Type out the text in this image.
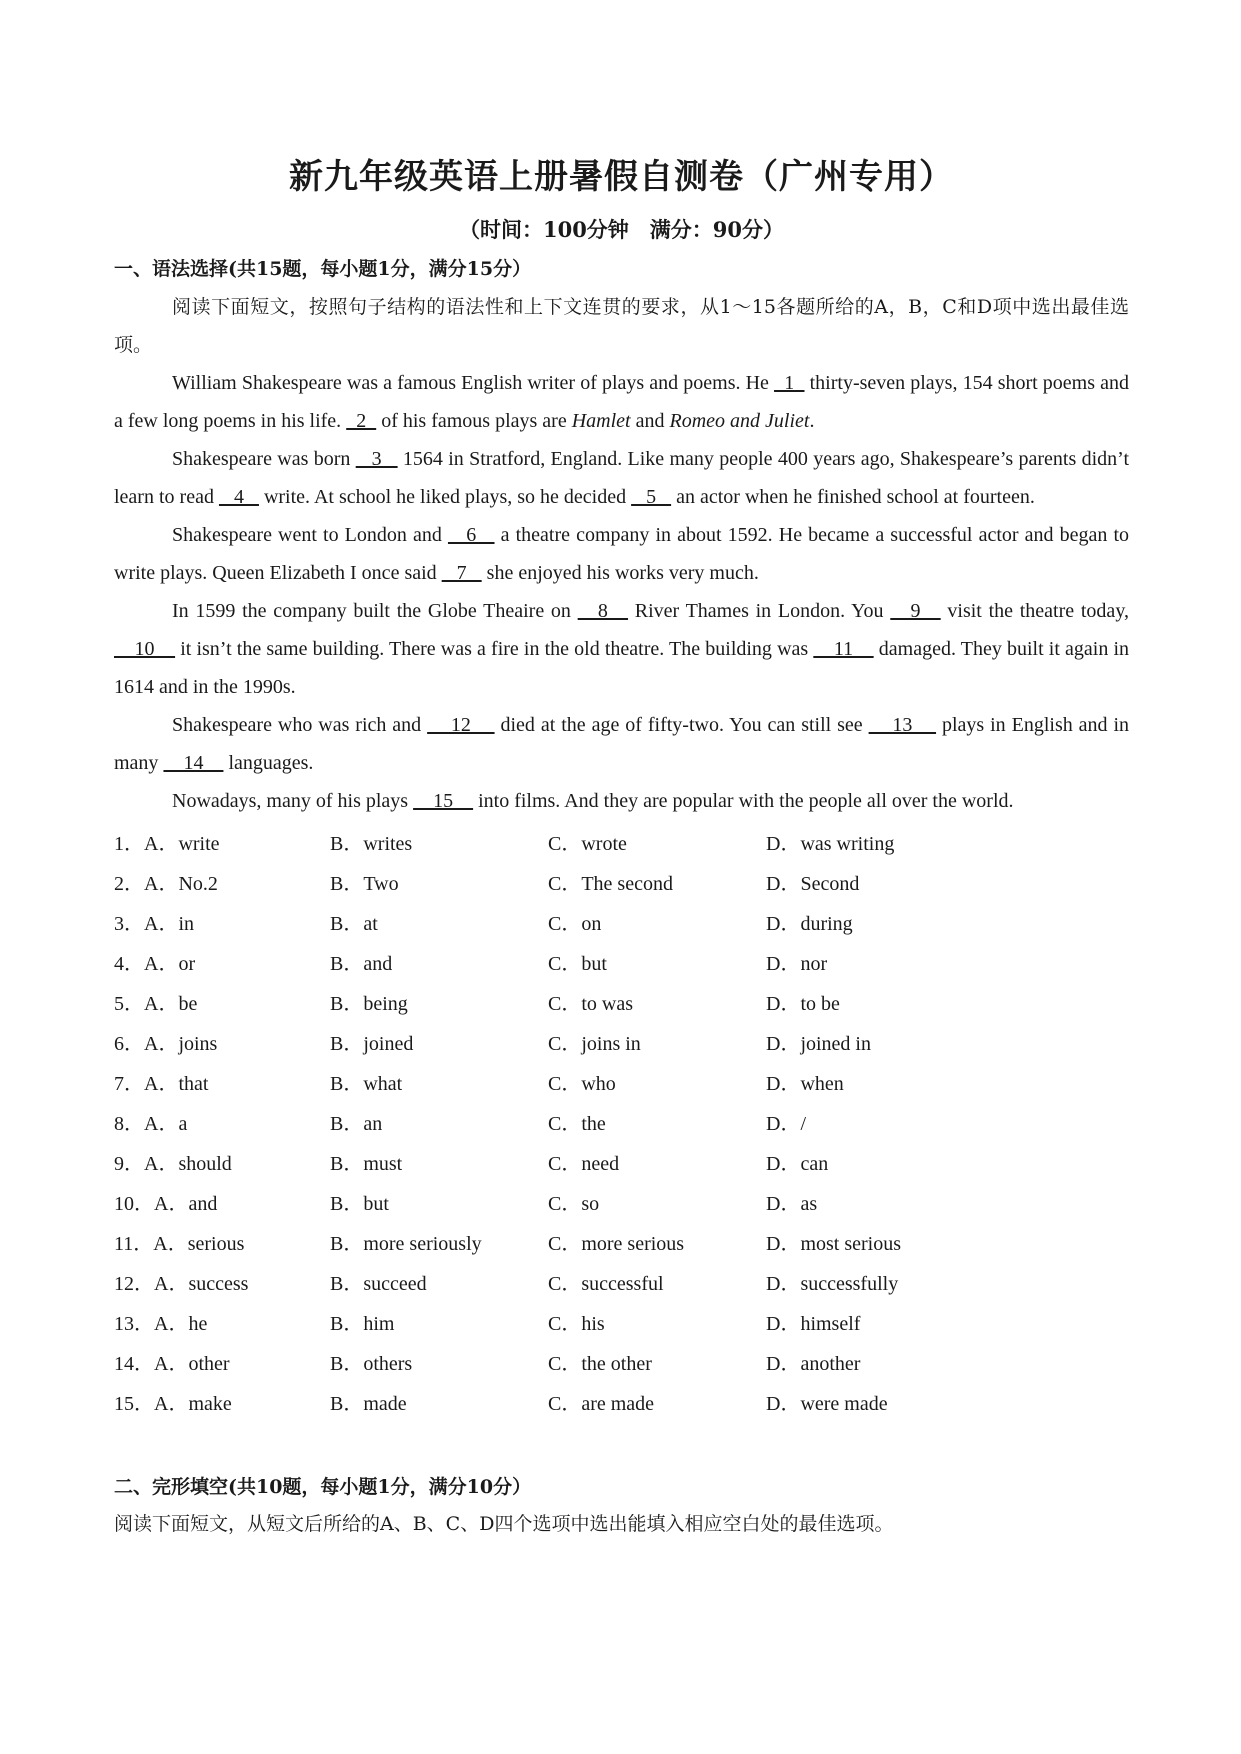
新九年级英语上册暑假自测卷（广州专用）
（时间：100分钟　满分：90分）
一、语法选择(共15题，每小题1分，满分15分）

阅读下面短文，按照句子结构的语法性和上下文连贯的要求，从1～15各题所给的A，B，C和D项中选出最佳选项。

William Shakespeare was a famous English writer of plays and poems. He   1   thirty-seven plays, 154 short poems and a few long poems in his life.   2   of his famous plays are Hamlet and Romeo and Juliet.

Shakespeare was born    3    1564 in Stratford, England. Like many people 400 years ago, Shakespeare’s parents didn’t learn to read    4    write. At school he liked plays, so he decided    5    an actor when he finished school at fourteen.

Shakespeare went to London and    6    a theatre company in about 1592. He became a successful actor and began to write plays. Queen Elizabeth I once said    7    she enjoyed his works very much.

In 1599 the company built the Globe Theaire on    8    River Thames in London. You    9    visit the theatre today,     10     it isn’t the same building. There was a fire in the old theatre. The building was     11     damaged. They built it again in 1614 and in the 1990s.

Shakespeare who was rich and     12     died at the age of fifty-two. You can still see     13     plays in English and in many     14     languages.

Nowadays, many of his plays     15     into films. And they are popular with the people all over the world.

1．A．write	B．writes	C．wrote	D．was writing
2．A．No.2	B．Two	C．The second	D．Second
3．A．in	B．at	C．on	D．during
4．A．or	B．and	C．but	D．nor
5．A．be	B．being	C．to was	D．to be
6．A．joins	B．joined	C．joins in	D．joined in
7．A．that	B．what	C．who	D．when
8．A．a	B．an	C．the	D．/
9．A．should	B．must	C．need	D．can
10．A．and	B．but	C．so	D．as
11．A．serious	B．more seriously	C．more serious	D．most serious
12．A．success	B．succeed	C．successful	D．successfully
13．A．he	B．him	C．his	D．himself
14．A．other	B．others	C．the other	D．another
15．A．make	B．made	C．are made	D．were made
二、完形填空(共10题，每小题1分，满分10分）

阅读下面短文，从短文后所给的A、B、C、D四个选项中选出能填入相应空白处的最佳选项。
